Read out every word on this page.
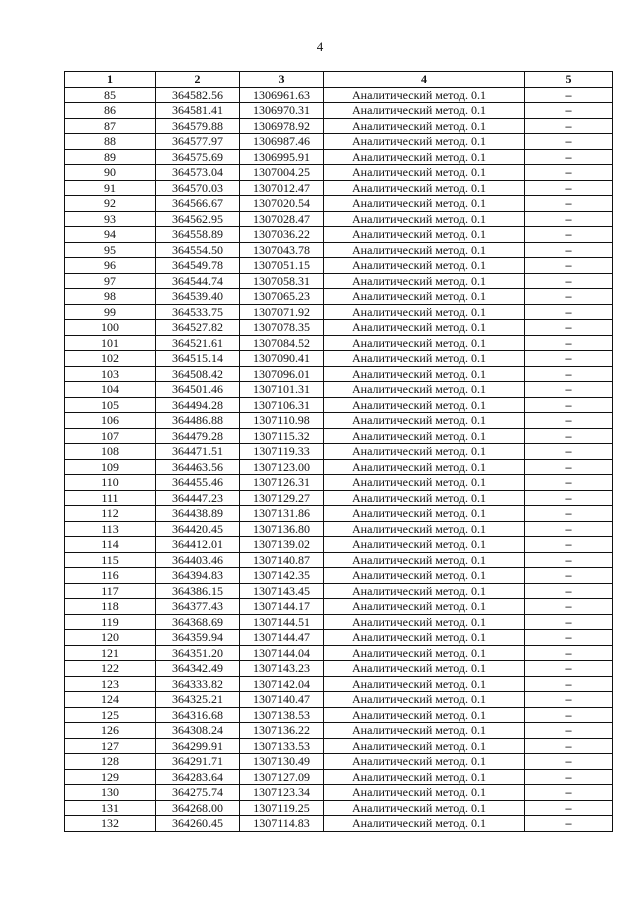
4
1	2	3	4	5
85	364582.56	1306961.63	Аналитический метод. 0.1	–
86	364581.41	1306970.31	Аналитический метод. 0.1	–
87	364579.88	1306978.92	Аналитический метод. 0.1	–
88	364577.97	1306987.46	Аналитический метод. 0.1	–
89	364575.69	1306995.91	Аналитический метод. 0.1	–
90	364573.04	1307004.25	Аналитический метод. 0.1	–
91	364570.03	1307012.47	Аналитический метод. 0.1	–
92	364566.67	1307020.54	Аналитический метод. 0.1	–
93	364562.95	1307028.47	Аналитический метод. 0.1	–
94	364558.89	1307036.22	Аналитический метод. 0.1	–
95	364554.50	1307043.78	Аналитический метод. 0.1	–
96	364549.78	1307051.15	Аналитический метод. 0.1	–
97	364544.74	1307058.31	Аналитический метод. 0.1	–
98	364539.40	1307065.23	Аналитический метод. 0.1	–
99	364533.75	1307071.92	Аналитический метод. 0.1	–
100	364527.82	1307078.35	Аналитический метод. 0.1	–
101	364521.61	1307084.52	Аналитический метод. 0.1	–
102	364515.14	1307090.41	Аналитический метод. 0.1	–
103	364508.42	1307096.01	Аналитический метод. 0.1	–
104	364501.46	1307101.31	Аналитический метод. 0.1	–
105	364494.28	1307106.31	Аналитический метод. 0.1	–
106	364486.88	1307110.98	Аналитический метод. 0.1	–
107	364479.28	1307115.32	Аналитический метод. 0.1	–
108	364471.51	1307119.33	Аналитический метод. 0.1	–
109	364463.56	1307123.00	Аналитический метод. 0.1	–
110	364455.46	1307126.31	Аналитический метод. 0.1	–
111	364447.23	1307129.27	Аналитический метод. 0.1	–
112	364438.89	1307131.86	Аналитический метод. 0.1	–
113	364420.45	1307136.80	Аналитический метод. 0.1	–
114	364412.01	1307139.02	Аналитический метод. 0.1	–
115	364403.46	1307140.87	Аналитический метод. 0.1	–
116	364394.83	1307142.35	Аналитический метод. 0.1	–
117	364386.15	1307143.45	Аналитический метод. 0.1	–
118	364377.43	1307144.17	Аналитический метод. 0.1	–
119	364368.69	1307144.51	Аналитический метод. 0.1	–
120	364359.94	1307144.47	Аналитический метод. 0.1	–
121	364351.20	1307144.04	Аналитический метод. 0.1	–
122	364342.49	1307143.23	Аналитический метод. 0.1	–
123	364333.82	1307142.04	Аналитический метод. 0.1	–
124	364325.21	1307140.47	Аналитический метод. 0.1	–
125	364316.68	1307138.53	Аналитический метод. 0.1	–
126	364308.24	1307136.22	Аналитический метод. 0.1	–
127	364299.91	1307133.53	Аналитический метод. 0.1	–
128	364291.71	1307130.49	Аналитический метод. 0.1	–
129	364283.64	1307127.09	Аналитический метод. 0.1	–
130	364275.74	1307123.34	Аналитический метод. 0.1	–
131	364268.00	1307119.25	Аналитический метод. 0.1	–
132	364260.45	1307114.83	Аналитический метод. 0.1	–
